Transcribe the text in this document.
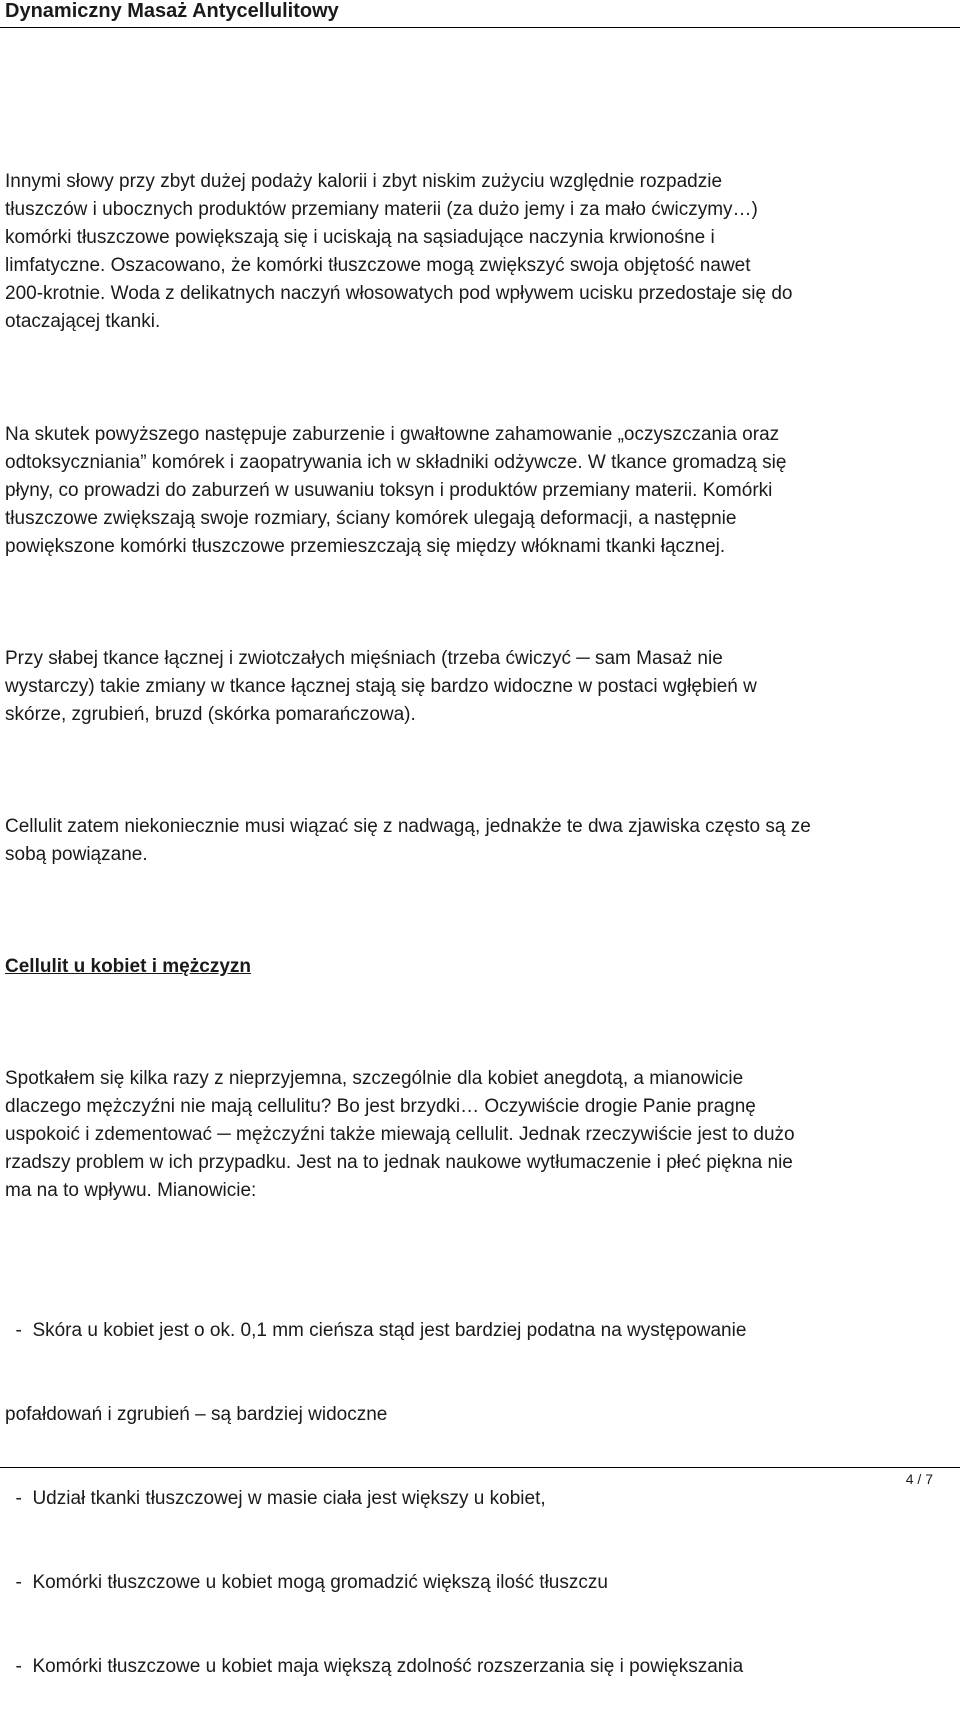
Dynamiczny Masaż Antycellulitowy
Innymi słowy przy zbyt dużej podaży kalorii i zbyt niskim zużyciu względnie rozpadzie
tłuszczów i ubocznych produktów przemiany materii (za dużo jemy i za mało ćwiczymy…)
komórki tłuszczowe powiększają się i uciskają na sąsiadujące naczynia krwionośne i
limfatyczne. Oszacowano, że komórki tłuszczowe mogą zwiększyć swoja objętość nawet
200-krotnie. Woda z delikatnych naczyń włosowatych pod wpływem ucisku przedostaje się do
otaczającej tkanki.
Na skutek powyższego następuje zaburzenie i gwałtowne zahamowanie „oczyszczania oraz
odtoksyczniania” komórek i zaopatrywania ich w składniki odżywcze. W tkance gromadzą się
płyny, co prowadzi do zaburzeń w usuwaniu toksyn i produktów przemiany materii. Komórki
tłuszczowe zwiększają swoje rozmiary, ściany komórek ulegają deformacji, a następnie
powiększone komórki tłuszczowe przemieszczają się między włóknami tkanki łącznej.
Przy słabej tkance łącznej i zwiotczałych mięśniach (trzeba ćwiczyć ─ sam Masaż nie
wystarczy) takie zmiany w tkance łącznej stają się bardzo widoczne w postaci wgłębień w
skórze, zgrubień, bruzd (skórka pomarańczowa).
Cellulit zatem niekoniecznie musi wiązać się z nadwagą, jednakże te dwa zjawiska często są ze
sobą powiązane.
Cellulit u kobiet i mężczyzn
Spotkałem się kilka razy z nieprzyjemna, szczególnie dla kobiet anegdotą, a mianowicie
dlaczego mężczyźni nie mają cellulitu? Bo jest brzydki… Oczywiście drogie Panie pragnę
uspokoić i zdementować ─ mężczyźni także miewają cellulit. Jednak rzeczywiście jest to dużo
rzadszy problem w ich przypadku. Jest na to jednak naukowe wytłumaczenie i płeć piękna nie
ma na to wpływu. Mianowicie:

-  Skóra u kobiet jest o ok. 0,1 mm cieńsza stąd jest bardziej podatna na występowanie

pofałdowań i zgrubień – są bardziej widoczne

-  Udział tkanki tłuszczowej w masie ciała jest większy u kobiet,

-  Komórki tłuszczowe u kobiet mogą gromadzić większą ilość tłuszczu

-  Komórki tłuszczowe u kobiet maja większą zdolność rozszerzania się i powiększania

4 / 7
